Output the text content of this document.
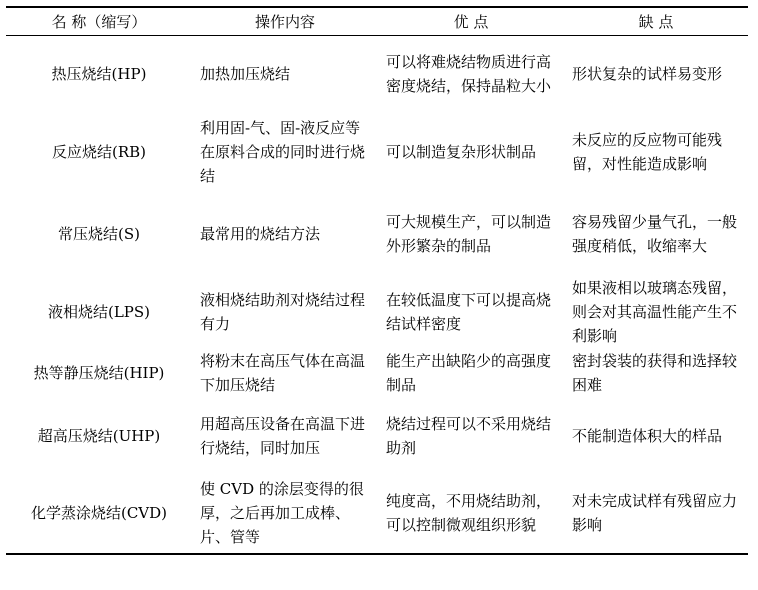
名 称（缩写）	操作内容	优 点	缺 点
热压烧结(HP)	加热加压烧结	可以将难烧结物质进行高密度烧结，保持晶粒大小	形状复杂的试样易变形
反应烧结(RB)	利用固-气、固-液反应等在原料合成的同时进行烧结	可以制造复杂形状制品	未反应的反应物可能残留，对性能造成影响
常压烧结(S)	最常用的烧结方法	可大规模生产，可以制造外形繁杂的制品	容易残留少量气孔，一般强度稍低，收缩率大
液相烧结(LPS)	液相烧结助剂对烧结过程有力	在较低温度下可以提高烧结试样密度	如果液相以玻璃态残留，则会对其高温性能产生不利影响
热等静压烧结(HIP)	将粉末在高压气体在高温下加压烧结	能生产出缺陷少的高强度制品	密封袋装的获得和选择较困难
超高压烧结(UHP)	用超高压设备在高温下进行烧结，同时加压	烧结过程可以不采用烧结助剂	不能制造体积大的样品
化学蒸涂烧结(CVD)	使 CVD 的涂层变得的很厚，之后再加工成棒、片、管等	纯度高，不用烧结助剂，可以控制微观组织形貌	对未完成试样有残留应力影响
